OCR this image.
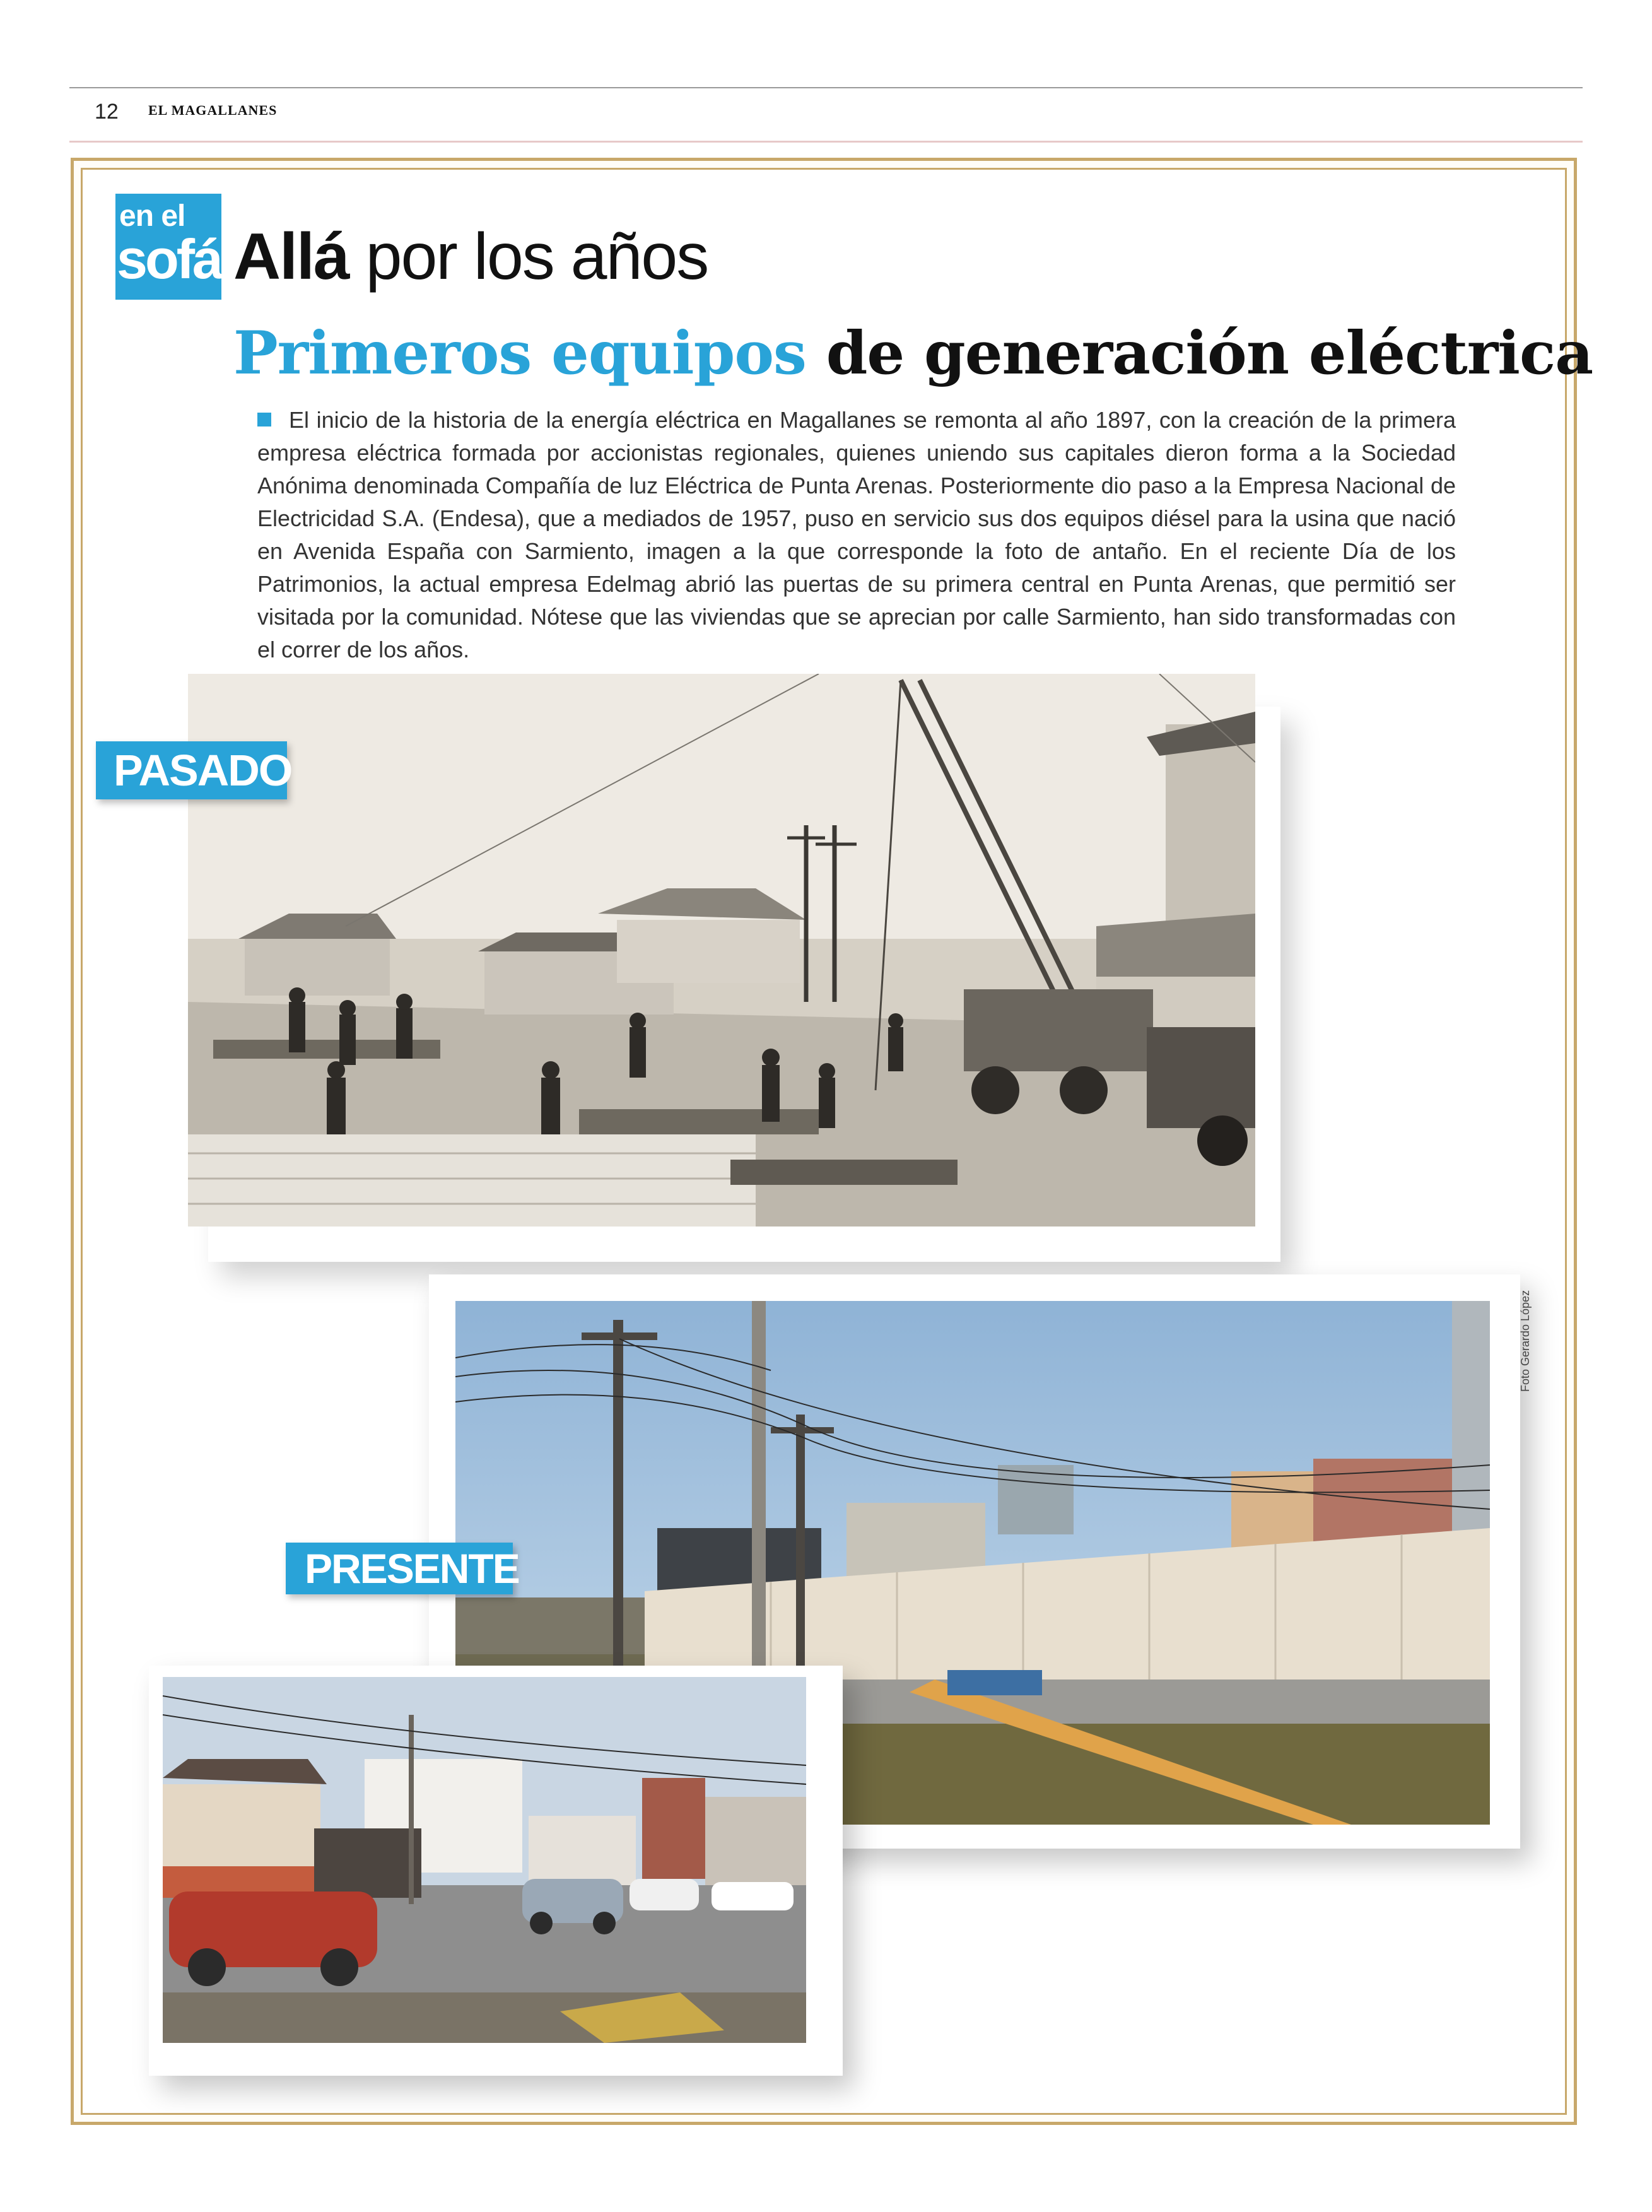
12 EL MAGALLANES
en el
sofá Allá por los años
Primeros equipos de generación eléctrica
El inicio de la historia de la energía eléctrica en Magallanes se remonta al año 1897, con la creación de la primera empresa eléctrica formada por accionistas regionales, quienes uniendo sus capitales dieron forma a la Sociedad Anónima denominada Compañía de luz Eléctrica de Punta Arenas. Posteriormente dio paso a la Empresa Nacional de Electricidad S.A. (Endesa), que a mediados de 1957, puso en servicio sus dos equipos diésel para la usina que nació en Avenida España con Sarmiento, imagen a la que corresponde la foto de antaño. En el reciente Día de los Patrimonios, la actual empresa Edelmag abrió las puertas de su primera central en Punta Arenas, que permitió ser visitada por la comunidad. Nótese que las viviendas que se aprecian por calle Sarmiento, han sido transformadas con el correr de los años.
PASADO
PRESENTE
Foto Gerardo López
